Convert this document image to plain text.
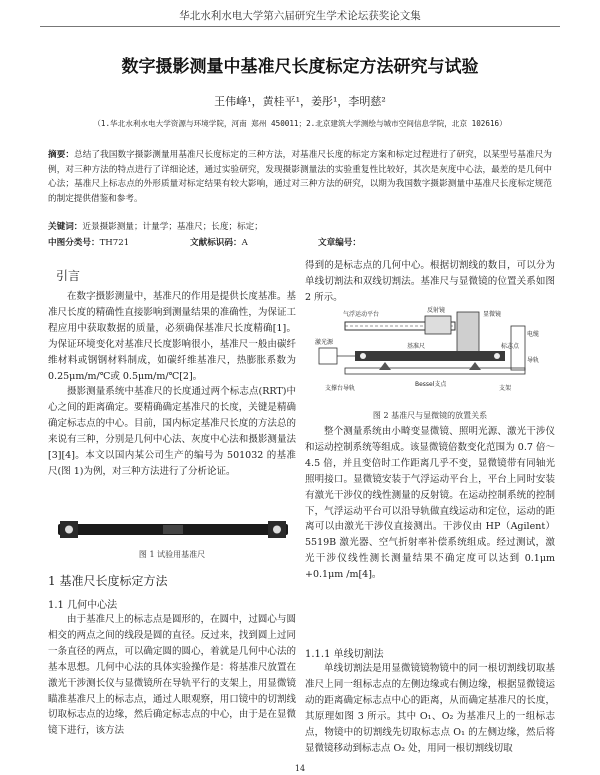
华北水利水电大学第六届研究生学术论坛获奖论文集
数字摄影测量中基准尺长度标定方法研究与试验
王伟峰¹，黄桂平¹，姜彤¹，李明慈²
（1.华北水利水电大学资源与环境学院，河南 郑州 450011；2.北京建筑大学测绘与城市空间信息学院，北京 102616）
摘要：总结了我国数字摄影测量用基准尺长度标定的三种方法，对基准尺长度的标定方案和标定过程进行了研究，以某型号基准尺为例，对三种方法的特点进行了详细论述，通过实验研究，发现摄影测量法的实验重复性比较好，其次是灰度中心法，最差的是几何中心法；基准尺上标志点的外形质量对标定结果有较大影响，通过对三种方法的研究，以期为我国数字摄影测量中基准尺长度标定规范的制定提供借鉴和参考。
关键词：近景摄影测量；计量学；基准尺；长度；标定；
中图分类号：TH721	文献标识码：A	文章编号：
引言

在数字摄影测量中，基准尺的作用是提供长度基准。基准尺长度的精确性直接影响到测量结果的准确性，为保证工程应用中获取数据的质量，必须确保基准尺长度精确[1]。为保证环境变化对基准尺长度影响很小，基准尺一般由碳纤维材料或钢钢材料制成，如碳纤维基准尺，热膨胀系数为 0.25μm/m/℃或 0.5μm/m/℃[2]。

摄影测量系统中基准尺的长度通过两个标志点(RRT)中心之间的距离确定。要精确确定基准尺的长度，关键是精确确定标志点的中心。目前，国内标定基准尺长度的方法总的来说有三种，分别是几何中心法、灰度中心法和摄影测量法[3][4]。本文以国内某公司生产的编号为 501032 的基准尺(图 1)为例，对三种方法进行了分析论证。

图 1 试验用基准尺
1 基准尺长度标定方法
1.1 几何中心法

由于基准尺上的标志点是圆形的，在圆中，过圆心与圆相交的两点之间的线段是圆的直径。反过来，找到圆上过同一条直径的两点，可以确定圆的圆心，着就是几何中心法的基本思想。几何中心法的具体实验操作是：将基准尺放置在激光干涉测长仪与显微镜所在导轨平行的支架上，用显微镜瞄准基准尺上的标志点，通过人眼观察，用口镜中的切割线切取标志点的边缘，然后确定标志点的中心，由于是在显微镜下进行，该方法

得到的是标志点的几何中心。根据切割线的数目，可以分为单线切割法和双线切割法。基准尺与显微镜的位置关系如图 2 所示。

气浮运动平台
反射镜
显微镜
激光源
基准尺	标志点
电缆
导轨
支撑台导轨
Bessel支点
支架
图 2 基准尺与显微镜的放置关系

整个测量系统由小畸变显微镜、照明光源、激光干涉仪和运动控制系统等组成。该显微镜倍数变化范围为 0.7 倍～4.5 倍，并且变倍时工作距离几乎不变，显微镜带有同轴光照明接口。显微镜安装于气浮运动平台上，平台上同时安装有激光干涉仪的线性测量的反射镜。在运动控制系统的控制下，气浮运动平台可以沿导轨做直线运动和定位，运动的距离可以由激光干涉仪直接测出。干涉仪由 HP（Agilent）5519B 激光器、空气折射率补偿系统组成。经过测试，激光干涉仪线性测长测量结果不确定度可以达到 0.1μm +0.1μm /m[4]。

1.1.1 单线切割法

单线切割法是用显微镜镜物镜中的同一根切割线切取基准尺上同一组标志点的左侧边缘或右侧边缘，根据显微镜运动的距离确定标志点中心的距离，从而确定基准尺的长度，其原理如图 3 所示。其中 O₁、O₂ 为基准尺上的一组标志点，物镜中的切割线先切取标志点 O₁ 的左侧边缘，然后将显微镜移动到标志点 O₂ 处，用同一根切割线切取

14
